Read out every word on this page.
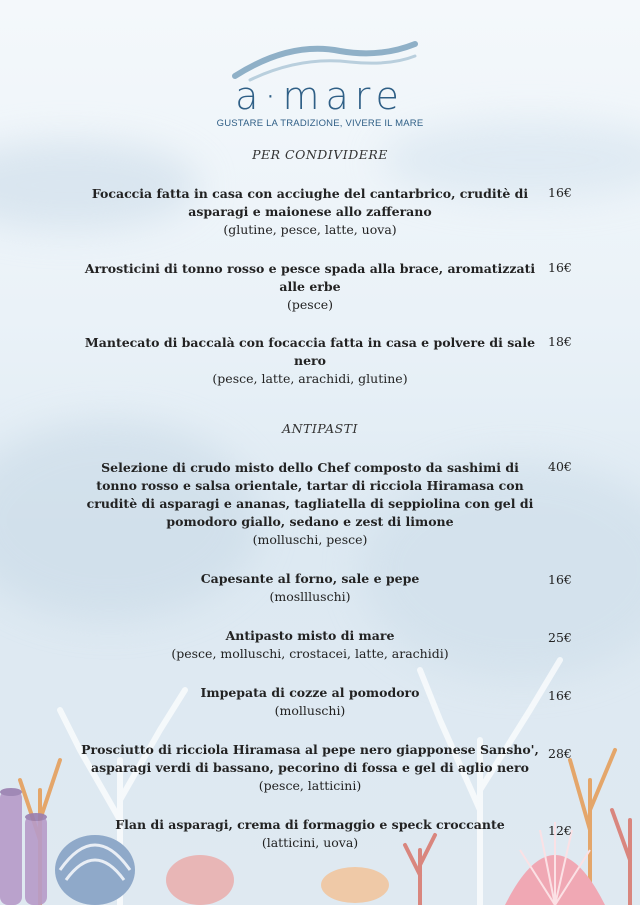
a·mare
GUSTARE LA TRADIZIONE, VIVERE IL MARE
PER CONDIVIDERE
Focaccia fatta in casa con acciughe del cantarbrico, cruditè di asparagi e maionese allo zafferano
(glutine, pesce, latte, uova)
16€
Arrosticini di tonno rosso e pesce spada alla brace, aromatizzati alle erbe
(pesce)
16€
Mantecato di baccalà con focaccia fatta in casa e polvere di sale nero
(pesce, latte, arachidi, glutine)
18€
ANTIPASTI
Selezione di crudo misto dello Chef composto da sashimi di tonno rosso e salsa orientale, tartar di ricciola Hiramasa con cruditè di asparagi e ananas, tagliatella di seppiolina con gel di pomodoro giallo, sedano e zest di limone
(molluschi, pesce)
40€
Capesante al forno, sale e pepe
(mosllluschi)
16€
Antipasto misto di mare
(pesce, molluschi, crostacei, latte, arachidi)
25€
Impepata di cozze al pomodoro
(molluschi)
16€
Prosciutto di ricciola Hiramasa al pepe nero giapponese Sansho', asparagi verdi di bassano, pecorino di fossa e gel di aglio nero
(pesce, latticini)
28€
Flan di asparagi, crema di formaggio e speck croccante
(latticini, uova)
12€
